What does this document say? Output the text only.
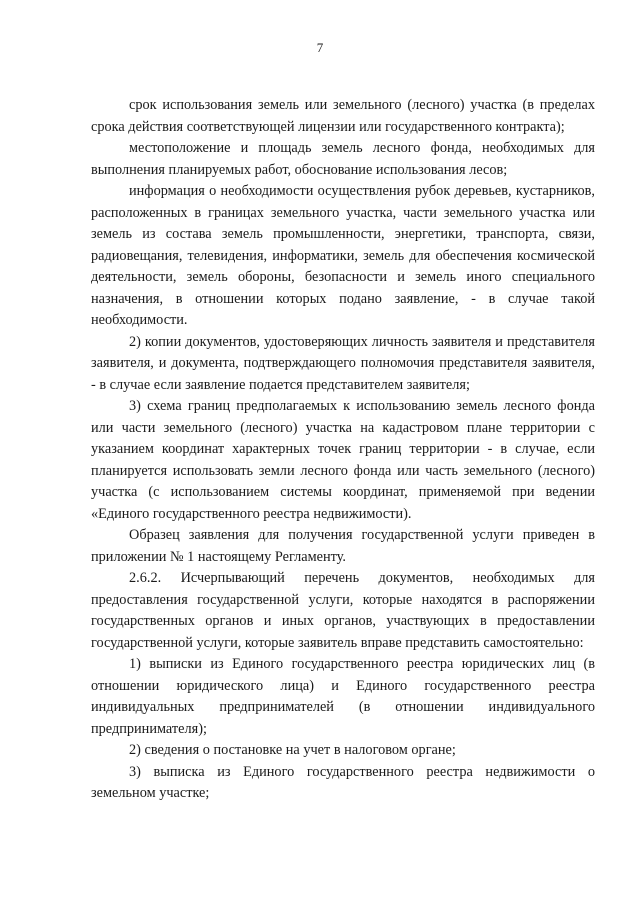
7

срок использования земель или земельного (лесного) участка (в пределах срока действия соответствующей лицензии или государственного контракта);

местоположение и площадь земель лесного фонда, необходимых для выполнения планируемых работ, обоснование использования лесов;

информация о необходимости осуществления рубок деревьев, кустарников, расположенных в границах земельного участка, части земельного участка или земель из состава земель промышленности, энергетики, транспорта, связи, радиовещания, телевидения, информатики, земель для обеспечения космической деятельности, земель обороны, безопасности и земель иного специального назначения, в отношении которых подано заявление, - в случае такой необходимости.

2) копии документов, удостоверяющих личность заявителя и представителя заявителя, и документа, подтверждающего полномочия представителя заявителя, - в случае если заявление подается представителем заявителя;

3) схема границ предполагаемых к использованию земель лесного фонда или части земельного (лесного) участка на кадастровом плане территории с указанием координат характерных точек границ территории - в случае, если планируется использовать земли лесного фонда или часть земельного (лесного) участка (с использованием системы координат, применяемой при ведении «Единого государственного реестра недвижимости).

Образец заявления для получения государственной услуги приведен в приложении № 1 настоящему Регламенту.

2.6.2. Исчерпывающий перечень документов, необходимых для предоставления государственной услуги, которые находятся в распоряжении государственных органов и иных органов, участвующих в предоставлении государственной услуги, которые заявитель вправе представить самостоятельно:

1) выписки из Единого государственного реестра юридических лиц (в отношении юридического лица) и Единого государственного реестра индивидуальных предпринимателей (в отношении индивидуального предпринимателя);

2) сведения о постановке на учет в налоговом органе;

3) выписка из Единого государственного реестра недвижимости о земельном участке;
